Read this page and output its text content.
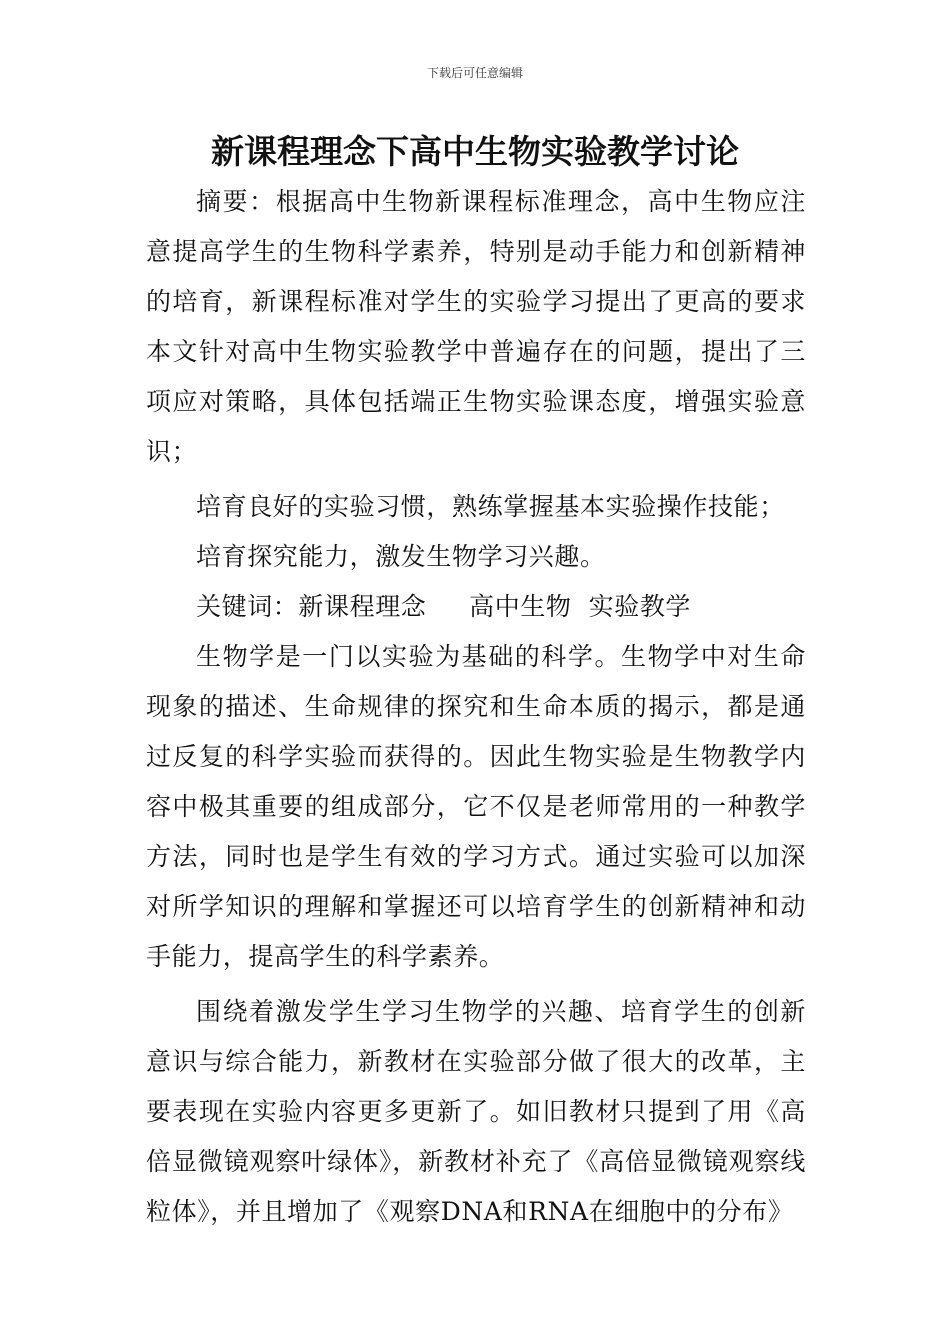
下载后可任意编辑
新课程理念下高中生物实验教学讨论

摘要：根据高中生物新课程标准理念，高中生物应注意提高学生的生物科学素养，特别是动手能力和创新精神的培育，新课程标准对学生的实验学习提出了更高的要求本文针对高中生物实验教学中普遍存在的问题，提出了三项应对策略，具体包括端正生物实验课态度，增强实验意识；

培育良好的实验习惯，熟练掌握基本实验操作技能；

培育探究能力，激发生物学习兴趣。

关键词：新课程理念     高中生物  实验教学

生物学是一门以实验为基础的科学。生物学中对生命现象的描述、生命规律的探究和生命本质的揭示，都是通过反复的科学实验而获得的。因此生物实验是生物教学内容中极其重要的组成部分，它不仅是老师常用的一种教学方法，同时也是学生有效的学习方式。通过实验可以加深对所学知识的理解和掌握还可以培育学生的创新精神和动手能力，提高学生的科学素养。

围绕着激发学生学习生物学的兴趣、培育学生的创新意识与综合能力，新教材在实验部分做了很大的改革，主要表现在实验内容更多更新了。如旧教材只提到了用《高倍显微镜观察叶绿体》，新教材补充了《高倍显微镜观察线粒体》，并且增加了《观察DNA和RNA在细胞中的分布》
